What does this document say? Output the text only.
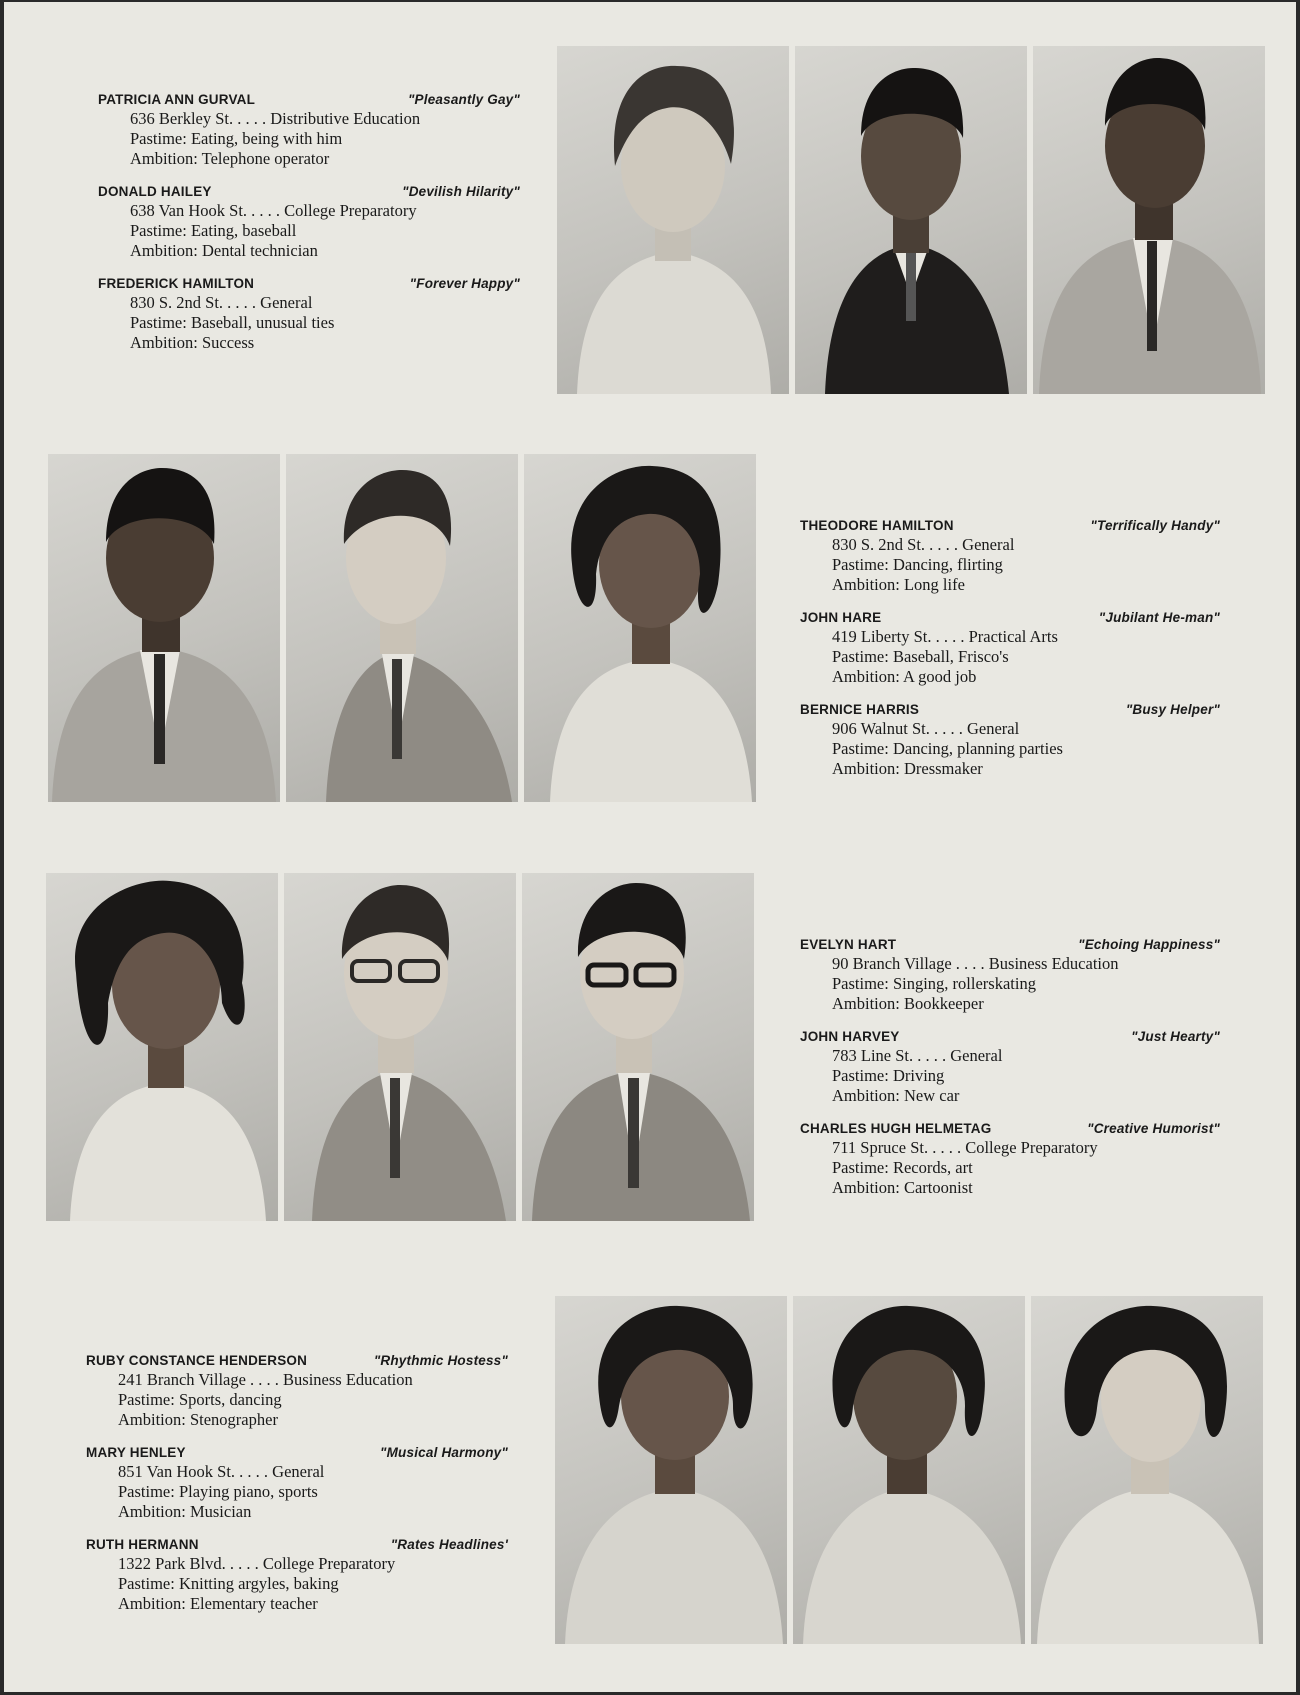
PATRICIA ANN GURVAL	"Pleasantly Gay"
636 Berkley St. . . . . Distributive Education
Pastime: Eating, being with him
Ambition: Telephone operator
DONALD HAILEY	"Devilish Hilarity"
638 Van Hook St. . . . . College Preparatory
Pastime: Eating, baseball
Ambition: Dental technician
FREDERICK HAMILTON	"Forever Happy"
830 S. 2nd St. . . . . General
Pastime: Baseball, unusual ties
Ambition: Success
THEODORE HAMILTON	"Terrifically Handy"
830 S. 2nd St. . . . . General
Pastime: Dancing, flirting
Ambition: Long life
JOHN HARE	"Jubilant He-man"
419 Liberty St. . . . . Practical Arts
Pastime: Baseball, Frisco's
Ambition: A good job
BERNICE HARRIS	"Busy Helper"
906 Walnut St. . . . . General
Pastime: Dancing, planning parties
Ambition: Dressmaker
EVELYN HART	"Echoing Happiness"
90 Branch Village . . . . Business Education
Pastime: Singing, rollerskating
Ambition: Bookkeeper
JOHN HARVEY	"Just Hearty"
783 Line St. . . . . General
Pastime: Driving
Ambition: New car
CHARLES HUGH HELMETAG	"Creative Humorist"
711 Spruce St. . . . . College Preparatory
Pastime: Records, art
Ambition: Cartoonist
RUBY CONSTANCE HENDERSON	"Rhythmic Hostess"
241 Branch Village . . . . Business Education
Pastime: Sports, dancing
Ambition: Stenographer
MARY HENLEY	"Musical Harmony"
851 Van Hook St. . . . . General
Pastime: Playing piano, sports
Ambition: Musician
RUTH HERMANN	"Rates Headlines'
1322 Park Blvd. . . . . College Preparatory
Pastime: Knitting argyles, baking
Ambition: Elementary teacher
